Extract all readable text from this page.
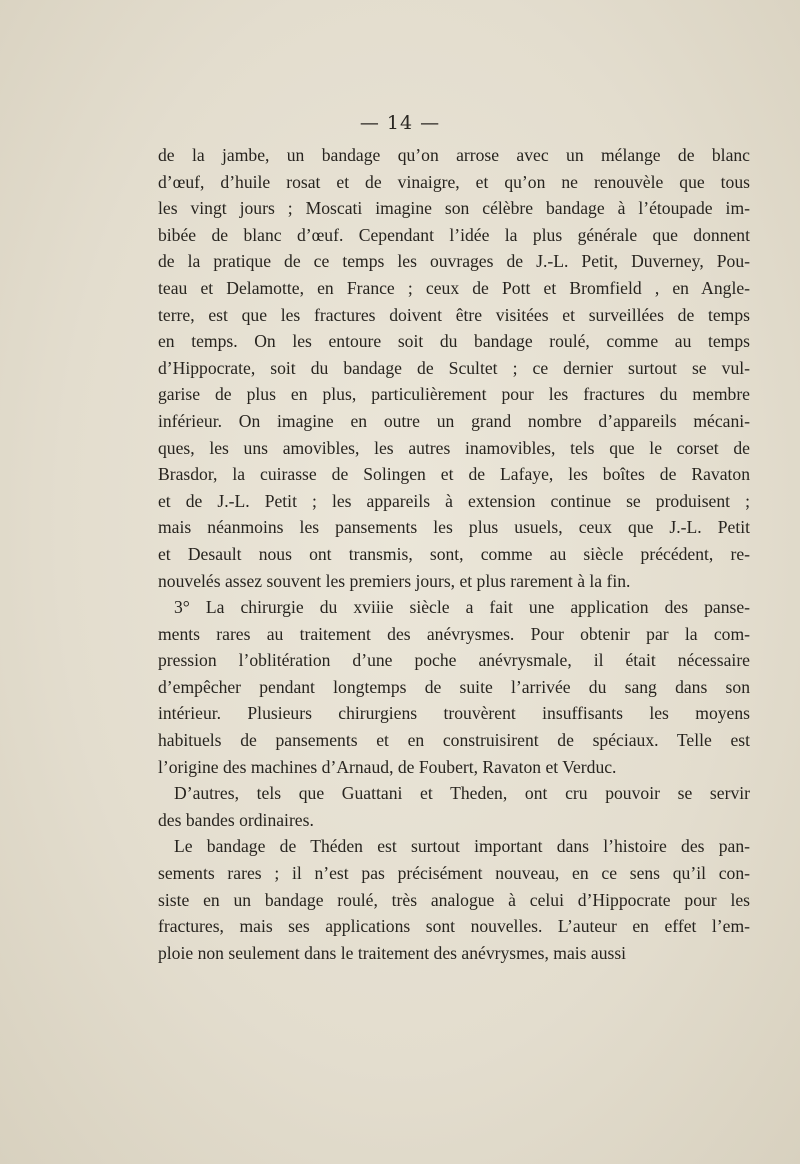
— 14 —

de la jambe, un bandage qu’on arrose avec un mélange de blanc

d’œuf, d’huile rosat et de vinaigre, et qu’on ne renouvèle que tous

les vingt jours ; Moscati imagine son célèbre bandage à l’étoupade im-

bibée de blanc d’œuf. Cependant l’idée la plus générale que donnent

de la pratique de ce temps les ouvrages de J.-L. Petit, Duverney, Pou-

teau et Delamotte, en France ; ceux de Pott et Bromfield , en Angle-

terre, est que les fractures doivent être visitées et surveillées de temps

en temps. On les entoure soit du bandage roulé, comme au temps

d’Hippocrate, soit du bandage de Scultet ; ce dernier surtout se vul-

garise de plus en plus, particulièrement pour les fractures du membre

inférieur. On imagine en outre un grand nombre d’appareils mécani-

ques, les uns amovibles, les autres inamovibles, tels que le corset de

Brasdor, la cuirasse de Solingen et de Lafaye, les boîtes de Ravaton

et de J.-L. Petit ; les appareils à extension continue se produisent ;

mais néanmoins les pansements les plus usuels, ceux que J.-L. Petit

et Desault nous ont transmis, sont, comme au siècle précédent, re-

nouvelés assez souvent les premiers jours, et plus rarement à la fin.

3° La chirurgie du xviiie siècle a fait une application des panse-

ments rares au traitement des anévrysmes. Pour obtenir par la com-

pression l’oblitération d’une poche anévrysmale, il était nécessaire

d’empêcher pendant longtemps de suite l’arrivée du sang dans son

intérieur. Plusieurs chirurgiens trouvèrent insuffisants les moyens

habituels de pansements et en construisirent de spéciaux. Telle est

l’origine des machines d’Arnaud, de Foubert, Ravaton et Verduc.

D’autres, tels que Guattani et Theden, ont cru pouvoir se servir

des bandes ordinaires.

Le bandage de Théden est surtout important dans l’histoire des pan-

sements rares ; il n’est pas précisément nouveau, en ce sens qu’il con-

siste en un bandage roulé, très analogue à celui d’Hippocrate pour les

fractures, mais ses applications sont nouvelles. L’auteur en effet l’em-

ploie non seulement dans le traitement des anévrysmes, mais aussi
